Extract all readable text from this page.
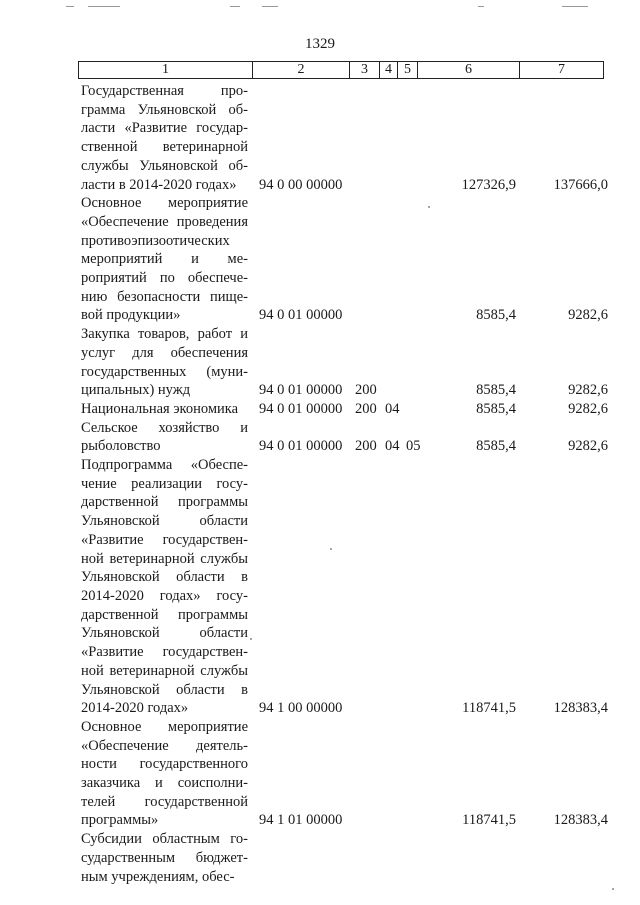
1329
1	2	3	4 5	6	7
Государственная программа Ульяновской области «Развитие государственной ветеринарной службы Ульяновской области в 2014-2020 годах»	94 0 00 00000	127326,9	137666,0
Основное мероприятие «Обеспечение проведения противоэпизоотических мероприятий и мероприятий по обеспечению безопасности пищевой продукции»	94 0 01 00000	8585,4	9282,6
Закупка товаров, работ и услуг для обеспечения государственных (муниципальных) нужд	94 0 01 00000 200	8585,4	9282,6
Национальная экономика	94 0 01 00000 200 04	8585,4	9282,6
Сельское хозяйство и рыболовство	94 0 01 00000 200 04 05	8585,4	9282,6
Подпрограмма «Обеспечение реализации государственной программы Ульяновской области «Развитие государственной ветеринарной службы Ульяновской области в 2014-2020 годах» государственной программы Ульяновской области «Развитие государственной ветеринарной службы Ульяновской области в 2014-2020 годах»	94 1 00 00000	118741,5	128383,4
Основное мероприятие «Обеспечение деятельности государственного заказчика и соисполнителей государственной программы»	94 1 01 00000	118741,5	128383,4
Субсидии областным государственным бюджетным учреждениям, обес-
